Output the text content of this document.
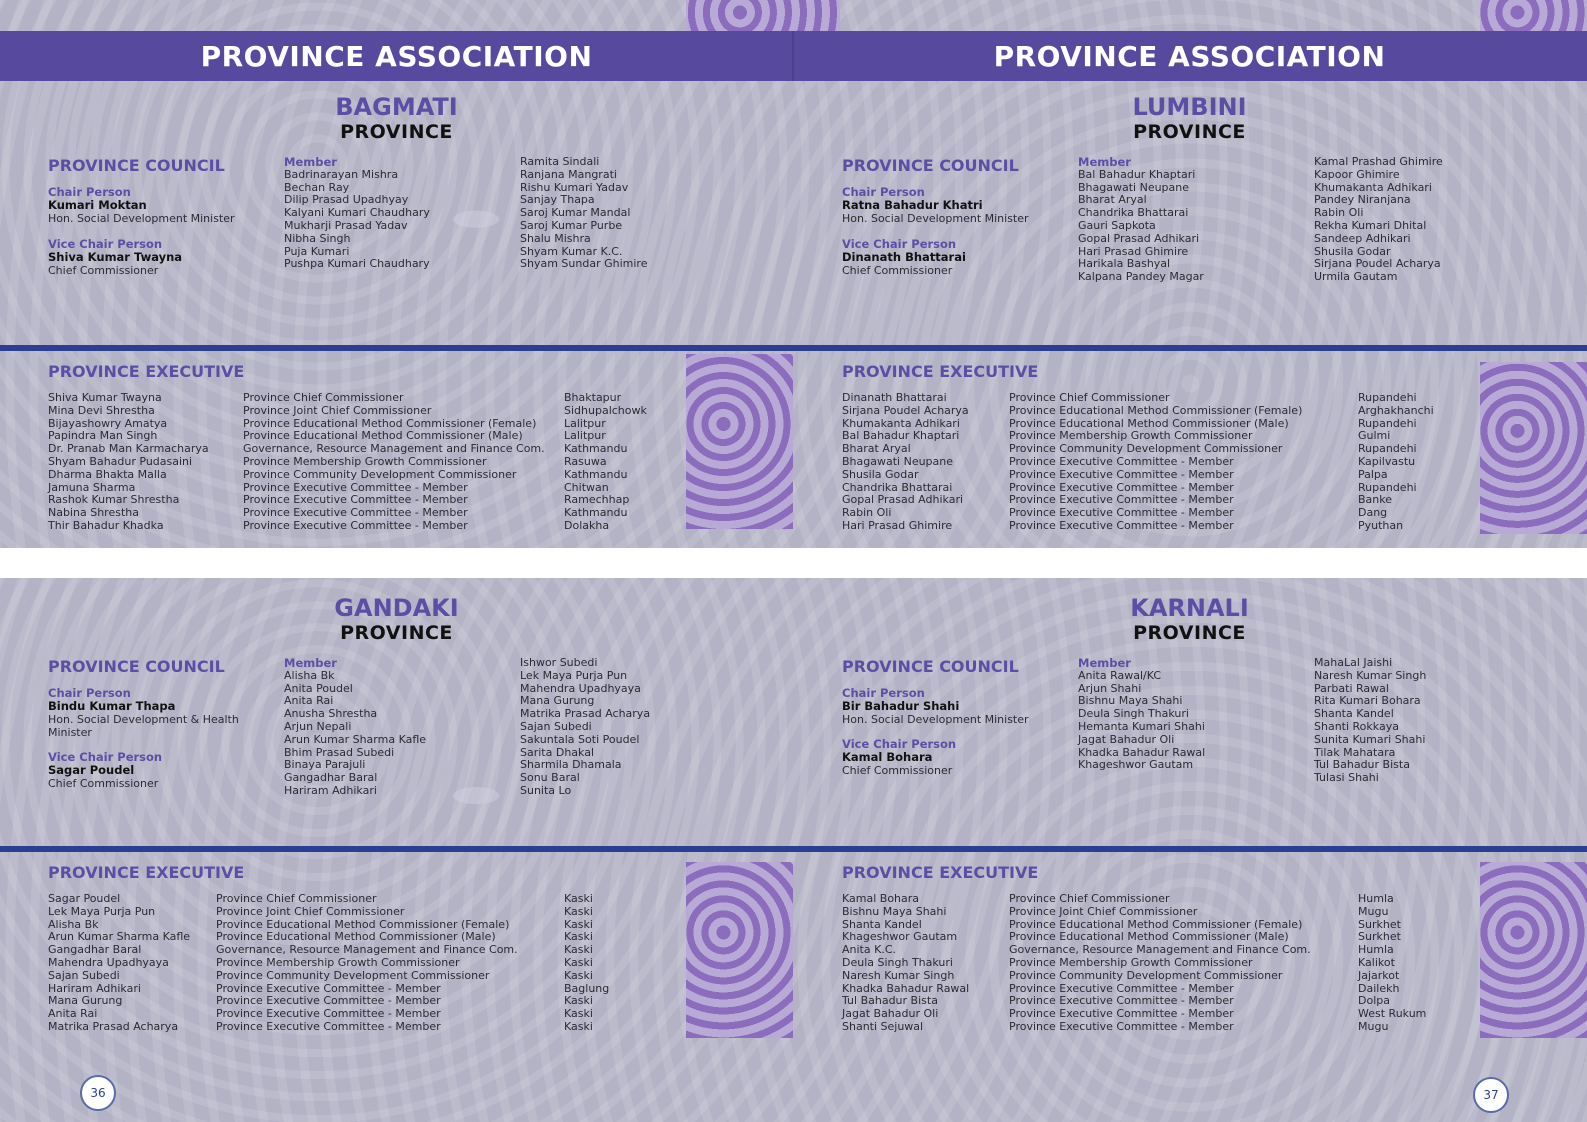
PROVINCE ASSOCIATION	PROVINCE ASSOCIATION
BAGMATI
PROVINCE
PROVINCE COUNCIL
Chair Person
Kumari Moktan
Hon. Social Development Minister
Vice Chair Person
Shiva Kumar Twayna
Chief Commissioner
Member
Badrinarayan Mishra
Bechan Ray
Dilip Prasad Upadhyay
Kalyani Kumari Chaudhary
Mukharji Prasad Yadav
Nibha Singh
Puja Kumari
Pushpa Kumari Chaudhary
Ramita Sindali
Ranjana Mangrati
Rishu Kumari Yadav
Sanjay Thapa
Saroj Kumar Mandal
Saroj Kumar Purbe
Shalu Mishra
Shyam Kumar K.C.
Shyam Sundar Ghimire
PROVINCE EXECUTIVE
Shiva Kumar Twayna
Mina Devi Shrestha
Bijayashowry Amatya
Papindra Man Singh
Dr. Pranab Man Karmacharya
Shyam Bahadur Pudasaini
Dharma Bhakta Malla
Jamuna Sharma
Rashok Kumar Shrestha
Nabina Shrestha
Thir Bahadur Khadka
Province Chief Commissioner
Province Joint Chief Commissioner
Province Educational Method Commissioner (Female)
Province Educational Method Commissioner (Male)
Governance, Resource Management and Finance Com.
Province Membership Growth Commissioner
Province Community Development Commissioner
Province Executive Committee - Member
Province Executive Committee - Member
Province Executive Committee - Member
Province Executive Committee - Member
Bhaktapur
Sidhupalchowk
Lalitpur
Lalitpur
Kathmandu
Rasuwa
Kathmandu
Chitwan
Ramechhap
Kathmandu
Dolakha
LUMBINI
PROVINCE
PROVINCE COUNCIL
Chair Person
Ratna Bahadur Khatri
Hon. Social Development Minister
Vice Chair Person
Dinanath Bhattarai
Chief Commissioner
Member
Bal Bahadur Khaptari
Bhagawati Neupane
Bharat Aryal
Chandrika Bhattarai
Gauri Sapkota
Gopal Prasad Adhikari
Hari Prasad Ghimire
Harikala Bashyal
Kalpana Pandey Magar
Kamal Prashad Ghimire
Kapoor Ghimire
Khumakanta Adhikari
Pandey Niranjana
Rabin Oli
Rekha Kumari Dhital
Sandeep Adhikari
Shusila Godar
Sirjana Poudel Acharya
Urmila Gautam
PROVINCE EXECUTIVE
Dinanath Bhattarai
Sirjana Poudel Acharya
Khumakanta Adhikari
Bal Bahadur Khaptari
Bharat Aryal
Bhagawati Neupane
Shusila Godar
Chandrika Bhattarai
Gopal Prasad Adhikari
Rabin Oli
Hari Prasad Ghimire
Province Chief Commissioner
Province Educational Method Commissioner (Female)
Province Educational Method Commissioner (Male)
Province Membership Growth Commissioner
Province Community Development Commissioner
Province Executive Committee - Member
Province Executive Committee - Member
Province Executive Committee - Member
Province Executive Committee - Member
Province Executive Committee - Member
Province Executive Committee - Member
Rupandehi
Arghakhanchi
Rupandehi
Gulmi
Rupandehi
Kapilvastu
Palpa
Rupandehi
Banke
Dang
Pyuthan
GANDAKI
PROVINCE
PROVINCE COUNCIL
Chair Person
Bindu Kumar Thapa
Hon. Social Development & Health Minister
Vice Chair Person
Sagar Poudel
Chief Commissioner
Member
Alisha Bk
Anita Poudel
Anita Rai
Anusha Shrestha
Arjun Nepali
Arun Kumar Sharma Kafle
Bhim Prasad Subedi
Binaya Parajuli
Gangadhar Baral
Hariram Adhikari
Ishwor Subedi
Lek Maya Purja Pun
Mahendra Upadhyaya
Mana Gurung
Matrika Prasad Acharya
Sajan Subedi
Sakuntala Soti Poudel
Sarita Dhakal
Sharmila Dhamala
Sonu Baral
Sunita Lo
PROVINCE EXECUTIVE
Sagar Poudel
Lek Maya Purja Pun
Alisha Bk
Arun Kumar Sharma Kafle
Gangadhar Baral
Mahendra Upadhyaya
Sajan Subedi
Hariram Adhikari
Mana Gurung
Anita Rai
Matrika Prasad Acharya
Province Chief Commissioner
Province Joint Chief Commissioner
Province Educational Method Commissioner (Female)
Province Educational Method Commissioner (Male)
Governance, Resource Management and Finance Com.
Province Membership Growth Commissioner
Province Community Development Commissioner
Province Executive Committee - Member
Province Executive Committee - Member
Province Executive Committee - Member
Province Executive Committee - Member
Kaski
Kaski
Kaski
Kaski
Kaski
Kaski
Kaski
Baglung
Kaski
Kaski
Kaski
KARNALI
PROVINCE
PROVINCE COUNCIL
Chair Person
Bir Bahadur Shahi
Hon. Social Development Minister
Vice Chair Person
Kamal Bohara
Chief Commissioner
Member
Anita Rawal/KC
Arjun Shahi
Bishnu Maya Shahi
Deula Singh Thakuri
Hemanta Kumari Shahi
Jagat Bahadur Oli
Khadka Bahadur Rawal
Khageshwor Gautam
MahaLal Jaishi
Naresh Kumar Singh
Parbati Rawal
Rita Kumari Bohara
Shanta Kandel
Shanti Rokkaya
Sunita Kumari Shahi
Tilak Mahatara
Tul Bahadur Bista
Tulasi Shahi
PROVINCE EXECUTIVE
Kamal Bohara
Bishnu Maya Shahi
Shanta Kandel
Khageshwor Gautam
Anita K.C.
Deula Singh Thakuri
Naresh Kumar Singh
Khadka Bahadur Rawal
Tul Bahadur Bista
Jagat Bahadur Oli
Shanti Sejuwal
Province Chief Commissioner
Province Joint Chief Commissioner
Province Educational Method Commissioner (Female)
Province Educational Method Commissioner (Male)
Governance, Resource Management and Finance Com.
Province Membership Growth Commissioner
Province Community Development Commissioner
Province Executive Committee - Member
Province Executive Committee - Member
Province Executive Committee - Member
Province Executive Committee - Member
Humla
Mugu
Surkhet
Surkhet
Humla
Kalikot
Jajarkot
Dailekh
Dolpa
West Rukum
Mugu
36	37
